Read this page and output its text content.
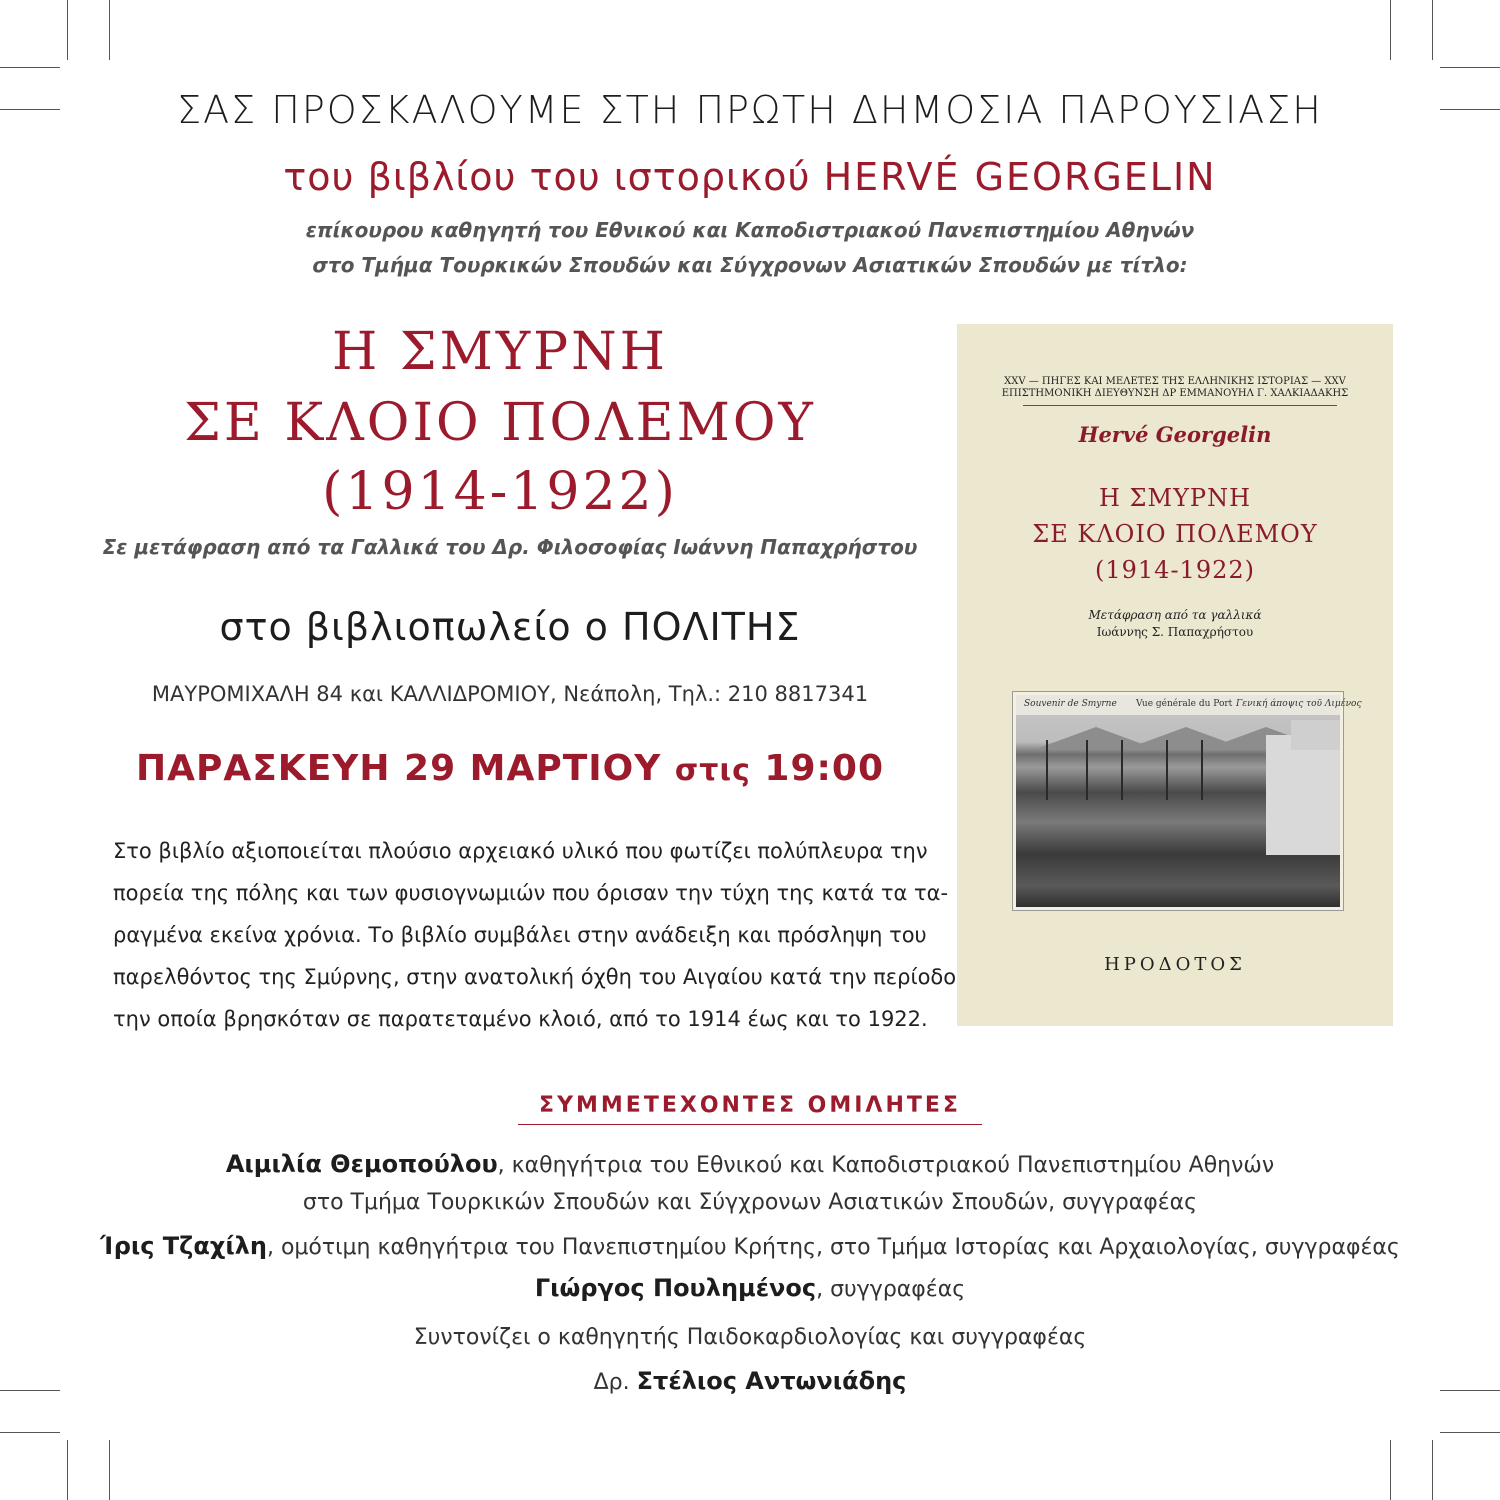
ΣΑΣ ΠΡΟΣΚΑΛΟΥΜΕ ΣΤΗ ΠΡΩΤΗ ΔΗΜΟΣΙΑ ΠΑΡΟΥΣΙΑΣΗ
του βιβλίου του ιστορικού HERVÉ GEORGELIN
επίκουρου καθηγητή του Εθνικού και Καποδιστριακού Πανεπιστημίου Αθηνών
στο Τμήμα Τουρκικών Σπουδών και Σύγχρονων Ασιατικών Σπουδών με τίτλο:
Η ΣΜΥΡΝΗ
ΣΕ ΚΛΟΙΟ ΠΟΛΕΜΟΥ
(1914-1922)
Σε μετάφραση από τα Γαλλικά του Δρ. Φιλοσοφίας Ιωάννη Παπαχρήστου
στο βιβλιοπωλείο ο ΠΟΛΙΤΗΣ
ΜΑΥΡΟΜΙΧΑΛΗ 84 και ΚΑΛΛΙΔΡΟΜΙΟΥ, Νεάπολη, Τηλ.: 210 8817341
ΠΑΡΑΣΚΕΥΗ 29 ΜΑΡΤΙΟΥ στις 19:00
Στο βιβλίο αξιοποιείται πλούσιο αρχειακό υλικό που φωτίζει πολύπλευρα την
πορεία της πόλης και των φυσιογνωμιών που όρισαν την τύχη της κατά τα τα-
ραγμένα εκείνα χρόνια. Το βιβλίο συμβάλει στην ανάδειξη και πρόσληψη του
παρελθόντος της Σμύρνης, στην ανατολική όχθη του Αιγαίου κατά την περίοδο
την οποία βρησκόταν σε παρατεταμένο κλοιό, από το 1914 έως και το 1922.
XXV — ΠΗΓΕΣ ΚΑΙ ΜΕΛΕΤΕΣ ΤΗΣ ΕΛΛΗΝΙΚΗΣ ΙΣΤΟΡΙΑΣ — XXV
ΕΠΙΣΤΗΜΟΝΙΚΗ ΔΙΕΥΘΥΝΣΗ ΔΡ ΕΜΜΑΝΟΥΗΛ Γ. ΧΑΛΚΙΑΔΑΚΗΣ
Hervé Georgelin
Η ΣΜΥΡΝΗ
ΣΕ ΚΛΟΙΟ ΠΟΛΕΜΟΥ
(1914-1922)
Μετάφραση από τα γαλλικά
Ιωάννης Σ. Παπαχρήστου
Souvenir de Smyrne Vue générale du Port Γενική άποψις τοῦ Λιμένος
ΗΡΟΔΟΤΟΣ
ΣΥΜΜΕΤΕΧΟΝΤΕΣ ΟΜΙΛΗΤΕΣ
Αιμιλία Θεμοπούλου, καθηγήτρια του Εθνικού και Καποδιστριακού Πανεπιστημίου Αθηνών
στο Τμήμα Τουρκικών Σπουδών και Σύγχρονων Ασιατικών Σπουδών, συγγραφέας
Ίρις Τζαχίλη, ομότιμη καθηγήτρια του Πανεπιστημίου Κρήτης, στο Τμήμα Ιστορίας και Αρχαιολογίας, συγγραφέας
Γιώργος Πουλημένος, συγγραφέας
Συντονίζει ο καθηγητής Παιδοκαρδιολογίας και συγγραφέας
Δρ. Στέλιος Αντωνιάδης
